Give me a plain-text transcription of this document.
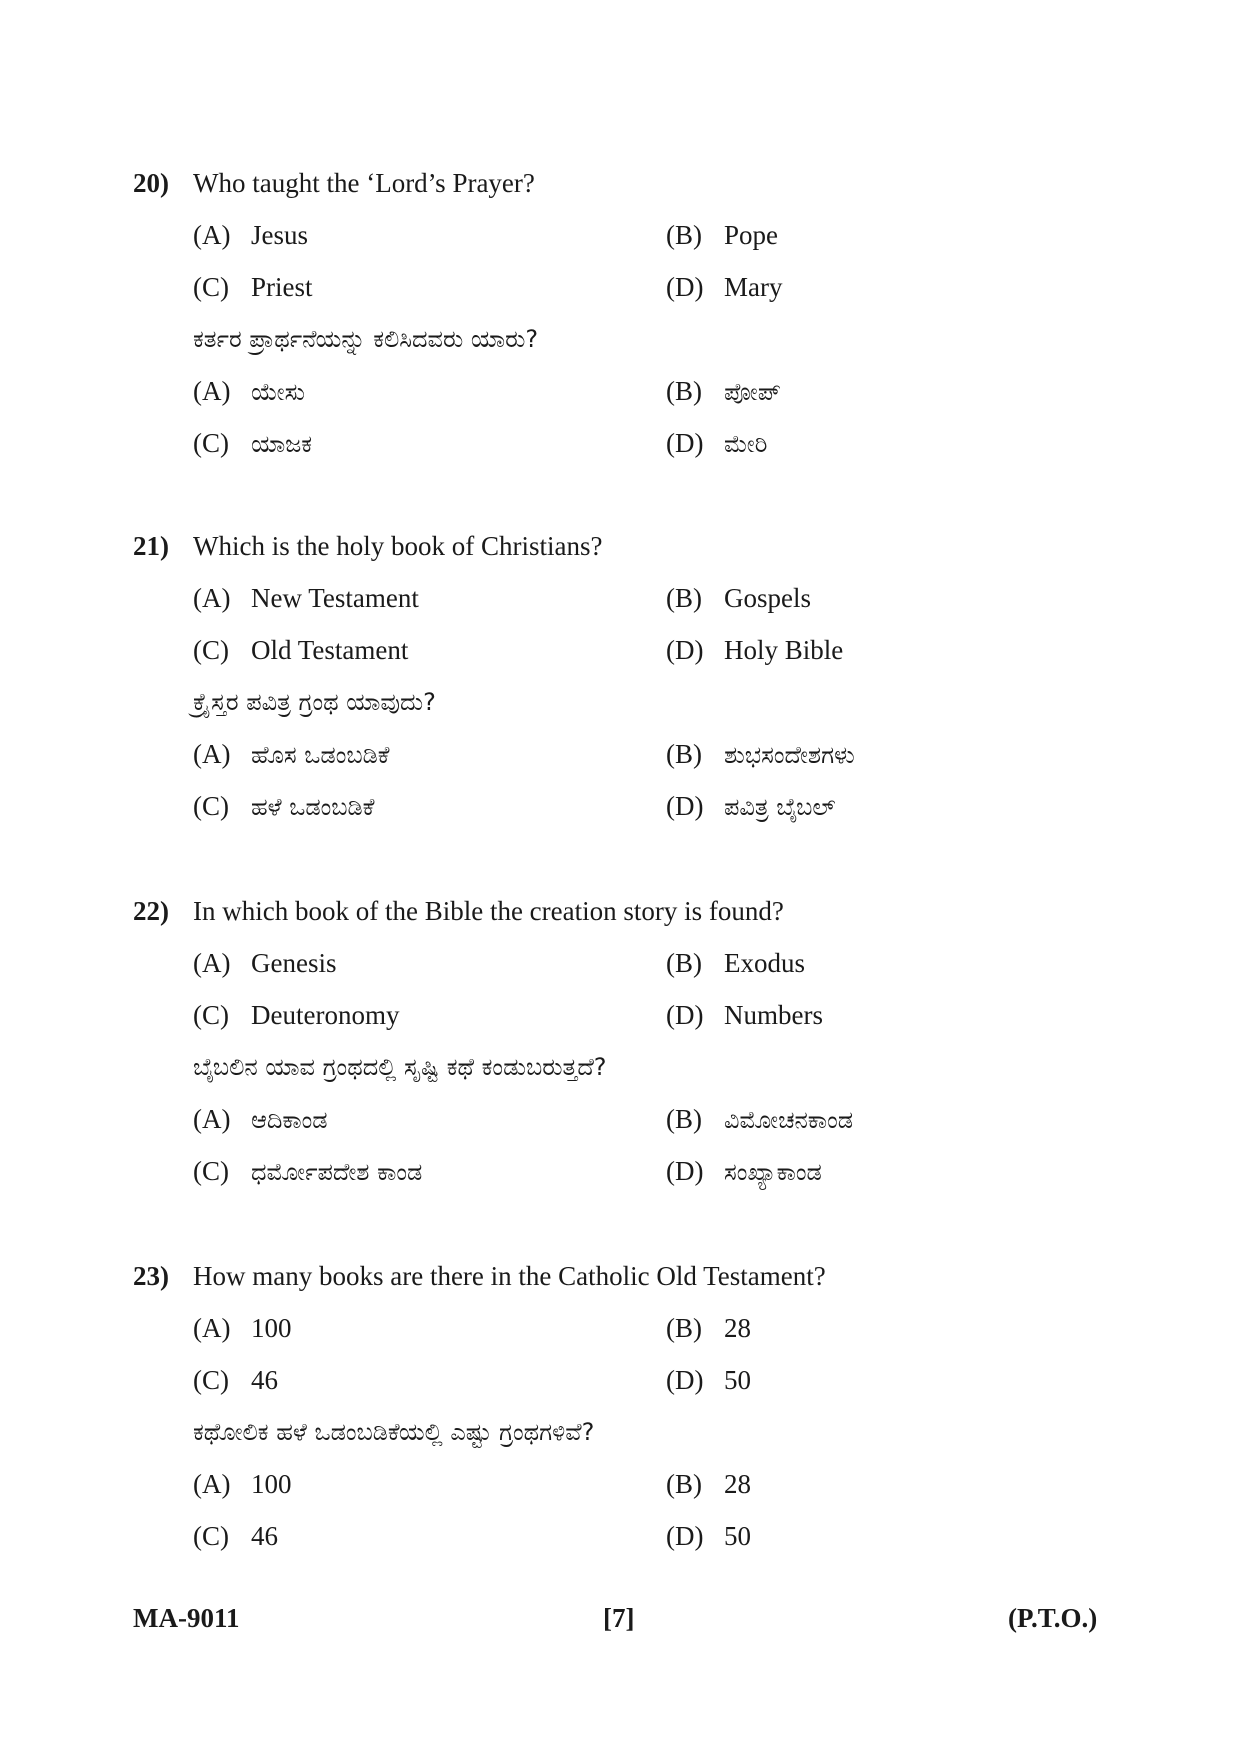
20) Who taught the ‘Lord’s Prayer?
(A) Jesus	(B) Pope
(C) Priest	(D) Mary
ಕರ್ತರ ಪ್ರಾರ್ಥನೆಯನ್ನು ಕಲಿಸಿದವರು ಯಾರು?
(A) ಯೇಸು	(B) ಪೋಪ್
(C) ಯಾಜಕ	(D) ಮೇರಿ
21) Which is the holy book of Christians?
(A) New Testament	(B) Gospels
(C) Old Testament	(D) Holy Bible
ಕ್ರೈಸ್ತರ ಪವಿತ್ರ ಗ್ರಂಥ ಯಾವುದು?
(A) ಹೊಸ ಒಡಂಬಡಿಕೆ	(B) ಶುಭಸಂದೇಶಗಳು
(C) ಹಳೆ ಒಡಂಬಡಿಕೆ	(D) ಪವಿತ್ರ ಬೈಬಲ್
22) In which book of the Bible the creation story is found?
(A) Genesis	(B) Exodus
(C) Deuteronomy	(D) Numbers
ಬೈಬಲಿನ ಯಾವ ಗ್ರಂಥದಲ್ಲಿ ಸೃಷ್ಟಿ ಕಥೆ ಕಂಡುಬರುತ್ತದೆ?
(A) ಆದಿಕಾಂಡ	(B) ವಿಮೋಚನಕಾಂಡ
(C) ಧರ್ಮೋಪದೇಶ ಕಾಂಡ	(D) ಸಂಖ್ಯಾಕಾಂಡ
23) How many books are there in the Catholic Old Testament?
(A) 100	(B) 28
(C) 46	(D) 50
ಕಥೋಲಿಕ ಹಳೆ ಒಡಂಬಡಿಕೆಯಲ್ಲಿ ಎಷ್ಟು ಗ್ರಂಥಗಳಿವೆ?
(A) 100	(B) 28
(C) 46	(D) 50
MA-9011	[7]	(P.T.O.)
